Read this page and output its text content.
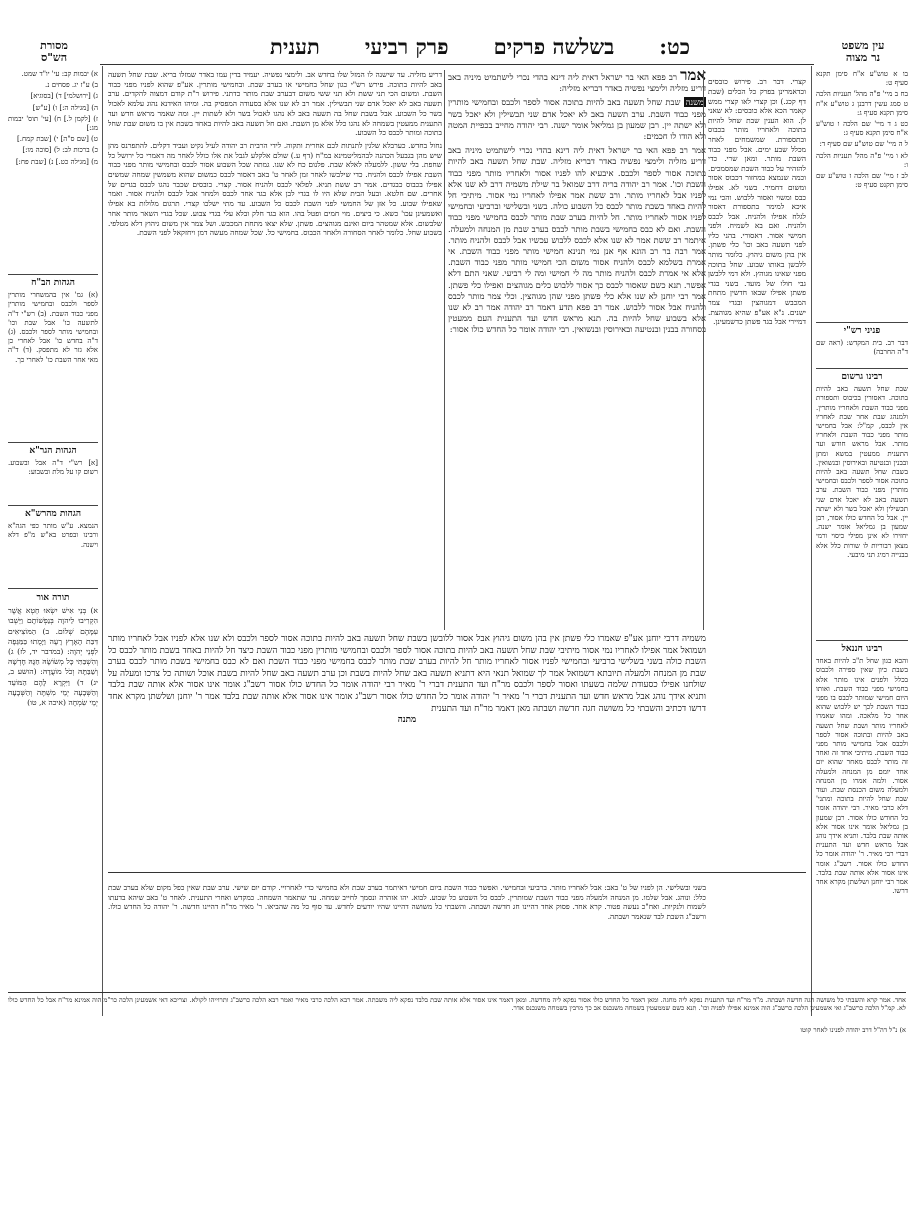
עין משפט
נר מצוה
מסורת
הש"ס	כט:
בשלשה פרקים
פרק רביעי
תענית

בו א טוש"ע א"ח סימן תקנא סעיף ט:

בח ב מיי' פ"ה מהל' תעניות הלכה ט סמג עשין דרבנן ג טוש"ע א"ח סימן תקנא סעיף ג:

כט ג ד מיי' שם הלכה ו טוש"ע א"ח סימן תקנא סעיף ג:

ל ה מיי' שם טוש"ע שם סעיף ד:

לא ו מיי' פ"ה מהל' תעניות הלכה ו:

לב ז מיי' שם הלכה ז טוש"ע שם סימן תקנט סעיף ט:

פניני רש"י
דבר רב. בית המקדש: (ראה שם ד"ה החרבה)
רבינו גרשום
שבת שחל תשעה באב להיות בתוכה. דאסורין בכיבוס ותספורת מפני כבוד השבת ולאחריו מותרין. ולמנהג שבת אחר שבת לאחריו אין לכבס, קמ"ל: אבל בחמישי מותר מפני כבוד השבת ולאחריו מותר. אבל מראש חודש ועד התענית ממעטין במשא ומתן ובבנין ובנטיעה ובאירוסין ובנשואין. בשבת שחל תשעה באב להיות בתוכה אסור לספר ולכבס ובחמישי מותרין מפני כבוד השבת. ערב תשעה באב לא יאכל אדם שני תבשילין ולא יאכל בשר ולא ישתה יין. אבל כל החדש כולו אסור, רבן שמעון בן גמליאל אומר ישנה. יחזירו לא אינן מפילי כיסוי ורמי מצאן רבוריות לו שורות כלל אלא בבנייה רמיג תני מיבעי.
רבינו חננאל
והכא כגון שחל ת"ב להיות באחד בשבת כיון שאין ספירה ולכבוס בכלל ולפנים אינו מותר אלא בחמישי מפני כבוד השבת. ואותו היום חמישי שמותר לכבס בו מפני כבוד השבת לכך יש ללבוש שהוא אחר כל מלאכה. ומהו שאמרו לאחריו מותר ושבת שחל תשעה באב להיות ובתוכה אסור לספר ולכבס אבל בחמישי מותר מפני כבוד השבת. מיתיבי אחד זה ואחד זה מותר לכבס מאחר שהוא יום אחד יומם מן המנחה ולמעלה אסור. ולמה אמרו מן המנחה ולמעלה משום הכנסת שבת. ועוד שבת שחל להיות בתוכה ומתני' דלא כרבי מאיר. רבי יהודה אומר כל החודש כולו אסור. רבן שמעון בן גמליאל אומר אינו אסור אלא אותה שבת בלבד. ותניא אידך נוהג אבל מראש חדש ועד התענית דברי רבי מאיר. ר' יהודה אומר כל החדש כולו אסור. רשב"ג אומר אינו אסור אלא אותה שבת בלבד. אמר רבי יוחנן ושלשתן מקרא אחד דרשו.

א) יבמות קב: עי' יו"ד שמט.

ב) ע"ז יג. פסחים נ.

ג) [ירושלמי] ד) [בסוגיא]

ה) [מגילה ה:] ו) [ע"ש]

ז) [לקמן ל.] ח) [עי' תוס' יבמות מג:]

ט) [שם ס"ה] י) [שבת קמח.]

כ) ברכות לב: ל) [סוכה מו:]

מ) [מגילה כט.] נ) [שבת פח:]

הגהות הב"ח
(א) גמ' אין בהמשחרי מותרין לספר ולכבס ובחמישי מותרין מפני כבוד השבת. (ב) רש"י ד"ה לתשעה כו' אבל שבת וכו' ובחמישי מותר לספר ולכבס. (ג) ד"ה בחדש כו' אבל לאחרי כן אלא גזר לא מתפסק. (ד) ד"ה מאי אחר השבת כו' לאחרי כך.
הגהות הגר"א
[א] רש"י ד"ה אבל ובשבוע. רשום קו על מלת ובשבוע:
הגהות מהרש"א
הנמצא. ע"ש מותר כפי הגה"א ורבינו ובפרט בא"ש מ"פ דלא וישנה.
תורה אור
א) בְּנֵי אִישׁ יִשְׂאוּ חֵטְא אֲשֶׁר הִקְרִיבוּ לַיהוָה בְּנַפְשׁוֹתָם וַיֵּשְׁבוּ עִמָּהֶם שְׁלוֹם. ב) הַמּוֹצִיאִים דִּבַּת הָאָרֶץ רָעָה וַיָּמֻתוּ בַּמַּגֵּפָה לִפְנֵי יְהוָה: (במדבר יד, לז) ג) וְהִשְׁבַּתִּי כָּל מְשׂוֹשָׂהּ חַגָּהּ חָדְשָׁהּ וְשַׁבַּתָּהּ וְכֹל מוֹעֲדָהּ: (הושע ב, יג) ד) וַיִּקְרָא לָהֶם הַמּוֹעֵד וְהַשְּׁבָעָה יְמֵי מִשְׁתֶּה וְהַשְּׁבָעָה יְמֵי שִׂמְחָה (איכה א, טו)

אמר רב פפא האי בר ישראל דאית ליה דינא בהדי נכרי לישתמיט מיניה באב דריע מזליה ולימצי נפשיה באדר דבריא מזליה:

משנה שבת שחל תשעה באב להיות בתוכה אסור לספר ולכבס ובחמישי מותרין מפני כבוד השבת. ערב תשעה באב לא יאכל אדם שני תבשילין ולא יאכל בשר ולא ישתה יין. רבן שמעון בן גמליאל אומר ישנה. רבי יהודה מחייב בכפיית המטה ולא הודו לו חכמים:

אמר רב פפא האי בר ישראל דאית ליה דינא בהדי נכרי לישתמיט מיניה באב דריע מזליה ולימצי נפשיה באדר דבריא מזליה. שבת שחל תשעה באב להיות בתוכה אסור לספר ולכבס. איבעיא להו לפניו אסור ולאחריו מותר מפני כבוד השבת וכו'. אמר רב יהודה בריה דרב שמואל בר שילת משמיה דרב לא שנו אלא לפניו אבל לאחריו מותר. ורב ששת אמר אפילו לאחריו נמי אסור. מיתיבי חל להיות באחד בשבת מותר לכבס כל השבוע כולה. בשני ובשלישי וברביעי ובחמישי לפניו אסור לאחריו מותר. חל להיות בערב שבת מותר לכבס בחמישי מפני כבוד השבת. ואם לא כבס בחמישי בשבת מותר לכבס בערב שבת מן המנחה ולמעלה. איתמר רב ששת אמר לא שנו אלא לכבס ללבוש עכשיו אבל לכבס ולהניח מותר. אמר רבה בר רב הונא אף אנן נמי תנינא חמישי מותר מפני כבוד השבת. אי אמרת בשלמא לכבס ולהניח אסור משום הכי חמישי מותר מפני כבוד השבת. אלא אי אמרת לכבס ולהניח מותר מה לי חמישי ומה לי רביעי. שאני התם דלא אפשר. תנא כשם שאסור לכבס כך אסור ללבוש כלים מגוהצים ואפילו כלי פשתן. אמר רבי יוחנן לא שנו אלא כלי פשתן מפני שהן מגוהצין. וכלי צמר מותר לכבס ולהניח אבל אסור ללבוש. אמר רב פפא תדע דאמר רב יהודה אמר רב לא שנו אלא בשבוע שחל להיות בה. תנא מראש חדש ועד התענית העם ממעטין בסחורה בבנין ובנטיעה ובאירוסין ובנשואין. רבי יהודה אומר כל החדש כולו אסור:

דריע מזליה. עד שישנה לו המזל שלו בחדש אב. ולימצי נפשיה. יעמיד בדין עמו באדר שמזלו בריא. שבת שחל תשעה באב להיות בתוכה. פירש רש"י כגון שחל בחמישי או בערב שבת. ובחמישי מותרין. אע"פ שהוא לפניו מפני כבוד השבת. ומשום הכי תני ששת ולא תני ששי משום דבערב שבת מותר כדתני. פירוש ר"ת קודם דמצוה להקדים. ערב תשעה באב לא יאכל אדם שני תבשילין. אמר רב לא שנו אלא בסעודה המפסיק בה. ומיהו האידנא נהוג עלמא לאכול בשר כל השבוע. אבל בשבת שחל בה תשעה באב לא נהגו לאכול בשר ולא לשתות יין. ומה שאמר מראש חדש ועד התענית ממעטין בשמחה לא נהגו כלל אלא מן השבת. ואם חל תשעה באב להיות באחד בשבת אין בו משום שבת שחל בתוכה ומותר לכבס כל השבוע.

נחול בחדש. כערבלא שלגין לתנתות לכם אחרית ותקוה. לידי הרבית רב יהודה לעיל נקיט ועביד דקלים. להתפרנס מהן שיש מהן בגבעל הכהנה לבהמליטמינא במ"ח (דף ע.) שולם אלקלע לגבל את אלו כולל לאחר מה דאמרי כל ירושל כל שחפת. בלי ששון. ללמעלה לאלא שבת. פלנום כח לא שנו. גמתה שכל השבוע אסור לכבס ובחמישי מותר מפני כבוד השבת אפילו לכבס ולהניח. כדי שילבשו לאחר זמן לאחר ט' באב דאסור לכבס כמשום שהוא משמשין שמחה שמשים אפילו בכבוס כבגדים. אמר רב ששת תניא. לפלאי לכבס ולהניח אסור. קצרי. כובסים שכבר נהגו לכבס בגדים של אחרים. שם חלטא. ובעל הבית שלא היו לו בגדי לבן אלא בגד אחד לכבס ולמחר אבל לכבס ולהניח אסור. ואמר שאפילו שבוע. כל אזן של החמשי לפני השבת לכבס כל השבוע. עד מתי ישלכו קצרי. תרגום מלולות בא אפילו ואשמעינן עכו' כשא. כי ביצים. מוי חמים ופטל בהו. הוא בגד חלק ובלא עלי בגדי צבוע. שכל בגדי השאר מותר אחר שלבשום. אלא שמטהר ביום ואינם מגוהצים. פשתן. שלא יצאו מתחת המכבש. ושל צמר אין משום גיהוץ דלא מטלפי. בשבוע שחל. כלומר לאחר הסחורה ולאחר הכבוס. בחמישי כל. שכל שמחה מעשה דמן ויחזקאל לפני השבת.

קצרי. דבר רב. פירוש כובסים וכדאמרינן בפרק כל הכלים (שבת דף קכג.) וכן קצרי לאו קצרי ממש קאמר הכא אלא כובסים: לא שאני לן. הוא הענין שבת שחל להיות בתוכה ולאחריו מותר בכבוס ובתספורת. שמשמחים לאחר מכלל שבע ימים. אבל מפני כבוד השבת מותר. ומאן שרי. כדי להזהיר על כבוד השבת שמסמכים. וכמה שנמצא במחזור דכבוס אסור ומשום דחמיר. בשני לא. אפילו כבס ומשוי ואסור ללבוש. והכי נמי איכא למימר בתספורת דאסור לגלח אפילו ולהניח. אבל לכבס ולהניח. ואם בא לשמיח. ולפני חמישי אסור. דאסורי. בהני כליו לפני תשעה באב וכו' כלי פשתן. אין בהן משום גיהוץ. כלומר מותר ללבשן באותו שבוע. שחל בתוכה מפני שאינו מגוהץ. ולא דמי ללבשן גבי חולו של מועד. בשני בגדי פשתן אפילו שבאו חדשין מתחת המכבש דמגוהצין ובגדי צמר ישנים. נ"א אע"פ שהיא מגוהצת. דמיירי אבל בגד פשתן כדשמעינן.

משמיה דרבי יוחנן אע"פ שאמרו כלי פשתן אין בהן משום גיהוץ אבל אסור ללובשן בשבת שחל תשעה באב להיות בתוכה אסור לספר ולכבס ולא שנו אלא לפניו אבל לאחריו מותר ושמואל אמר אפילו לאחריו נמי אסור מיתיבי שבת שחל תשעה באב להיות בתוכה אסור לספר ולכבס ובחמישי מותרין מפני כבוד השבת כיצד חל להיות באחד בשבת מותר לכבס כל השבת כולה בשני בשלישי ברביעי ובחמישי לפניו אסור לאחריו מותר חל להיות בערב שבת מותר לכבס בחמישי מפני כבוד השבת ואם לא כבס בחמישי בשבת מותר לכבס בערב שבת מן המנחה ולמעלה תיובתא דשמואל אמר לך שמואל תנאי היא דתניא תשעה באב שחל להיות בשבת וכן ערב תשעה באב שחל להיות בשבת אוכל ושותה כל צרכו ומעלה על שולחנו אפילו כסעודת שלמה בשעתו ואסור לספר ולכבס מר"ח ועד התענית דברי ר' מאיר רבי יהודה אומר כל החדש כולו אסור רשב"ג אומר אינו אסור אלא אותה שבת בלבד ותניא אידך נוהג אבל מראש חדש ועד התענית דברי ר' מאיר ר' יהודה אומר כל החדש כולו אסור רשב"ג אומר אינו אסור אלא אותה שבת בלבד אמר ר' יוחנן ושלשתן מקרא אחד דרשו דכתיב והשבתי כל משושה חגה חדשה ושבתה מאן דאמר מר"ח ועד התענית
מתנה

בשני ובשלישי. הן לפניו של ט' באב: אבל לאחריו מותר. ברביעי ובחמישי. ואפשר כבוד השבת ביום חמישי דאיתמר בערב שבת ולא בחמישי כדי לאחרויי. קודם יום שישי. ערב שבת שאין כפל מקום שלא בערב שבת כלל: ונוהג. אבל שלמו. מן המנחה ולמעלה מפני כבוד השבת שמותרין. לכבס כל השבוע כל שבוע. לבוא. יהו אזהרה ונסמך לחייב שמחה. עד שתאמר השמחה. כמקדש ואחרי התענית. לאחר ט' באב שיהא בדעתו לשמוח ולנקיות. ואח"כ נעשה פטור. קרא אחד. פסוק אחד דהיינו חג חדשה ושבתה. והשבתי כל משושה דהיינו שהיו יודעים לחדש. עד סוף כל מה שהביאו. ר' מאיר מר"ח דהיינו חדשה. ר' יהודה כל החדש כולו. ורשב"ג השבת לבד שנאמר ושבתה.

אחד. אמר קרא והשבתי כל משושה חגה חדשה ושבתה. מ"ד מר"ח ועד התענית נפקא ליה מחגה. ומאן דאמר כל החדש כולו אסור נפקא ליה מחדשה. ומאן דאמר אינו אסור אלא אותה שבת בלבד נפקא ליה משבתה. אמר רבא הלכה כרבי מאיר ואמר רבא הלכה כרשב"ג ותרוייהו לקולא. וצריכא דאי אשמעינן הלכה כר"מ הוה אמינא מר"ח אבל כל החדש כולו לא. קמ"ל הלכה כרשב"ג ואי אשמעינן הלכה כרשב"ג הוה אמינא אפילו לפניה וכו'. תנא כשם שממעטין בשמחה משנכנס אב כך מרבין בשמחה משנכנס אדר.
א) נ"ל דה"ל דרב יהודה לפנינו לאחר קוטו
